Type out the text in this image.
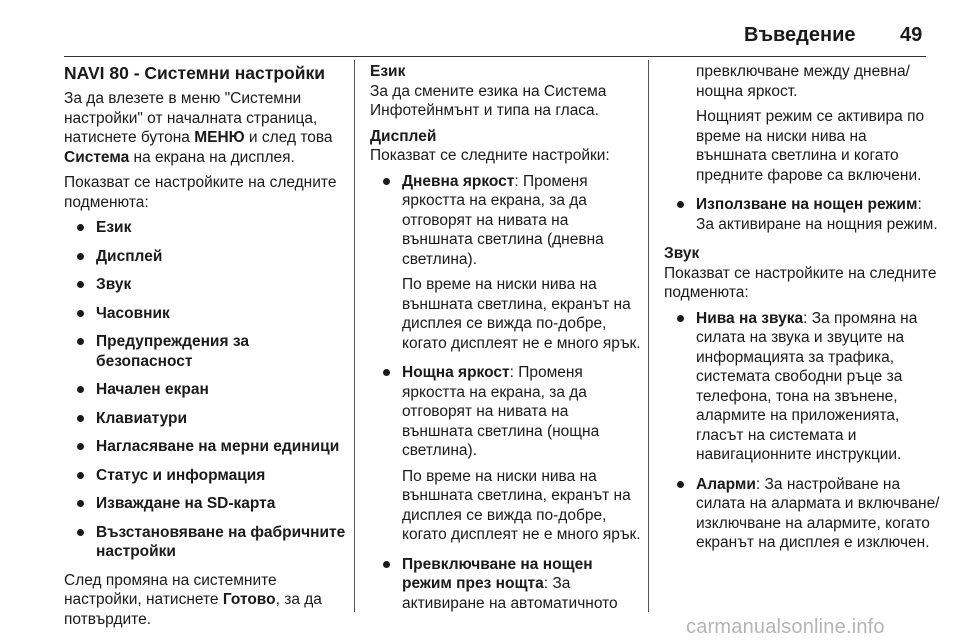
Въведение 49
NAVI 80 - Системни настройки

За да влезете в меню "Системни настройки" от началната страница, натиснете бутона МЕНЮ и след това Система на екрана на дисплея.

Показват се настройките на следните подменюта:

Език
Дисплей
Звук
Часовник
Предупреждения за безопасност
Начален екран
Клавиатури
Нагласяване на мерни единици
Статус и информация
Изваждане на SD-карта
Възстановяване на фабричните настройки

След промяна на системните настройки, натиснете Готово, за да потвърдите.

Език
За да смените езика на Система Инфотейнмънт и типа на гласа.

Дисплей
Показват се следните настройки:

Дневна яркост: Променя яркостта на екрана, за да отговорят на нивата на външната светлина (дневна светлина).

По време на ниски нива на външната светлина, екранът на дисплея се вижда по-добре, когато дисплеят не е много ярък.

Нощна яркост: Променя яркостта на екрана, за да отговорят на нивата на външната светлина (нощна светлина).

По време на ниски нива на външната светлина, екранът на дисплея се вижда по-добре, когато дисплеят не е много ярък.

Превключване на нощен режим през нощта: За активиране на автоматичното

превключване между дневна/ нощна яркост.

Нощният режим се активира по време на ниски нива на външната светлина и когато предните фарове са включени.

Използване на нощен режим: За активиране на нощния режим.

Звук
Показват се настройките на следните подменюта:

Нива на звука: За промяна на силата на звука и звуците на информацията за трафика, системата свободни ръце за телефона, тона на звънене, алармите на приложенията, гласът на системата и навигационните инструкции.

Аларми: За настройване на силата на алармата и включване/изключване на алармите, когато екранът на дисплея е изключен.

carmanualsonline.info
